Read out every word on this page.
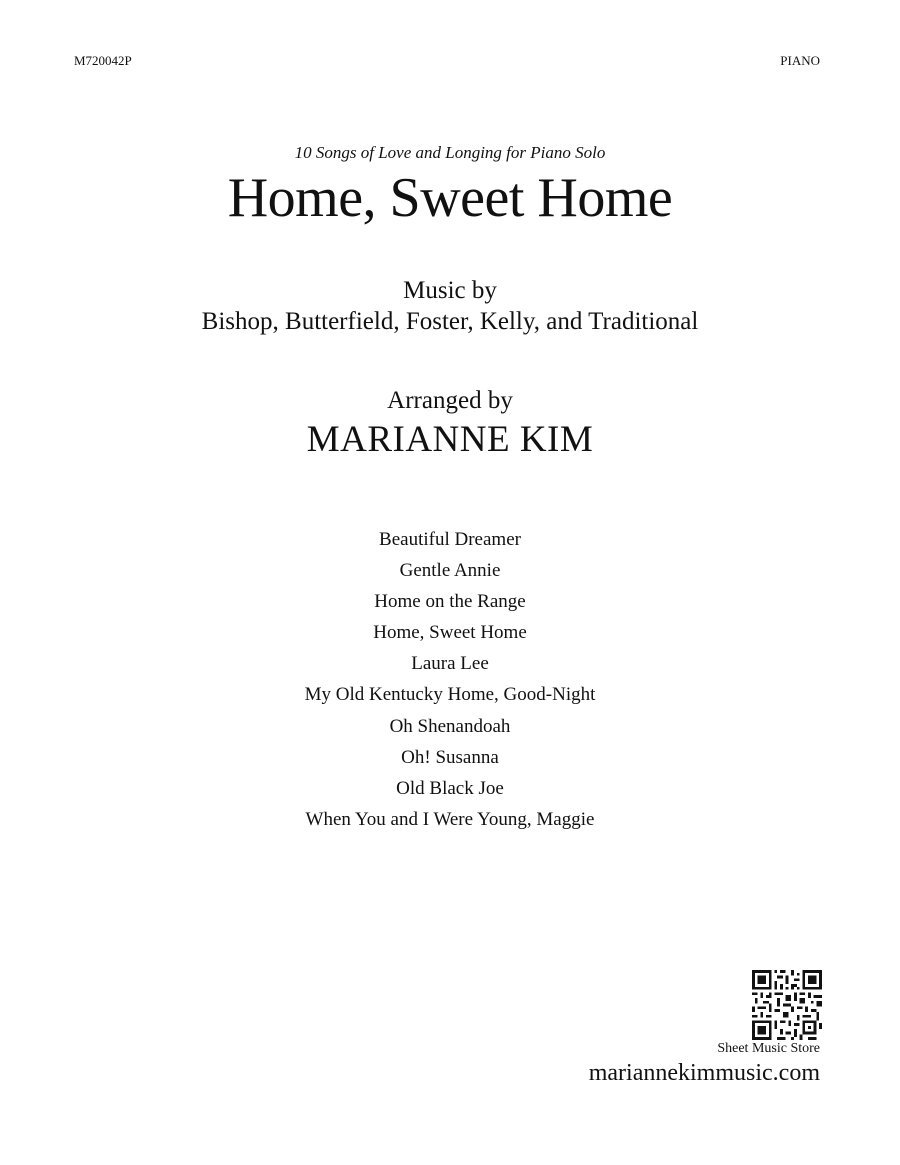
M720042P	PIANO
10 Songs of Love and Longing for Piano Solo
Home, Sweet Home
Music by
Bishop, Butterfield, Foster, Kelly, and Traditional
Arranged by
MARIANNE KIM
Beautiful Dreamer
Gentle Annie
Home on the Range
Home, Sweet Home
Laura Lee
My Old Kentucky Home, Good-Night
Oh Shenandoah
Oh! Susanna
Old Black Joe
When You and I Were Young, Maggie
Sheet Music Store
mariannekimmusic.com
